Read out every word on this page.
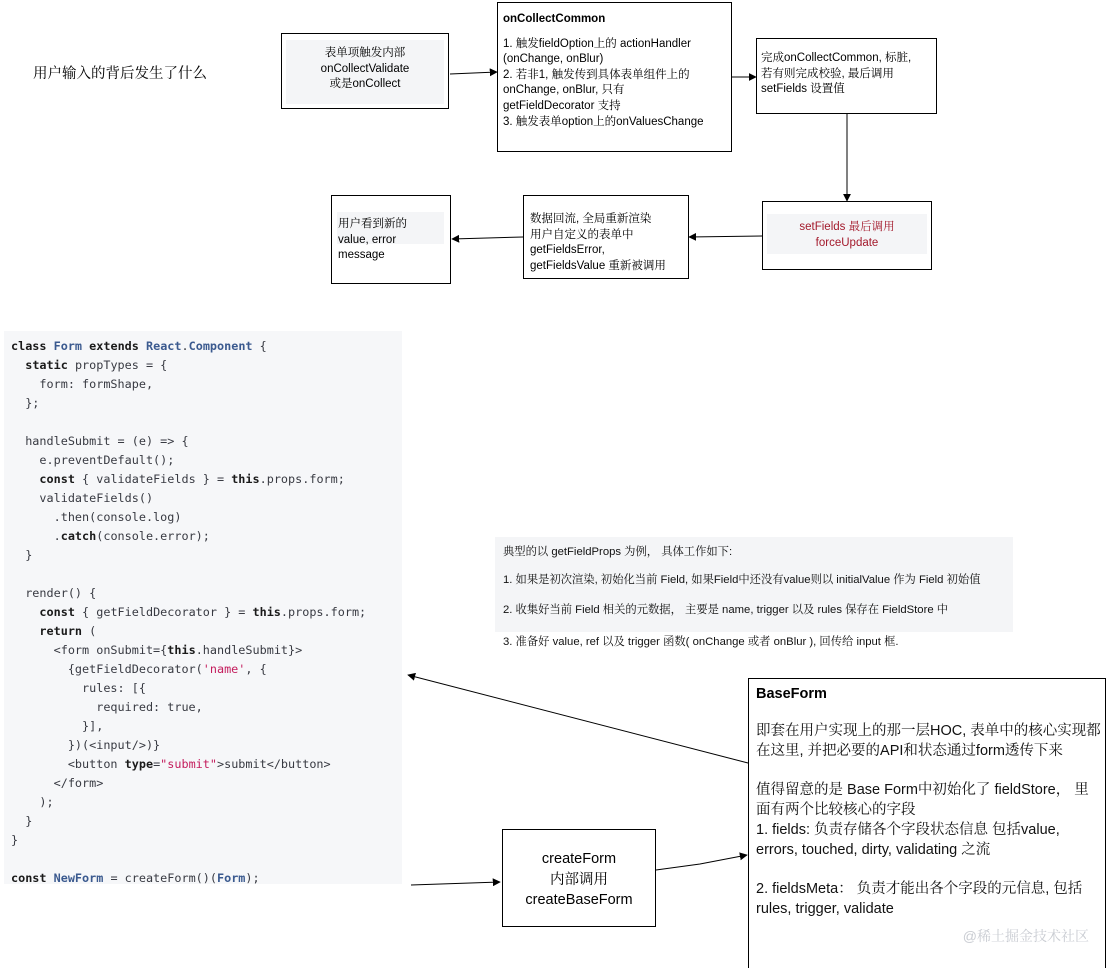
用户输入的背后发生了什么
表单项触发内部
onCollectValidate
或是onCollect
onCollectCommon
1. 触发fieldOption上的 actionHandler
(onChange, onBlur)
2. 若非1, 触发传到具体表单组件上的
onChange, onBlur, 只有
getFieldDecorator 支持
3. 触发表单option上的onValuesChange
完成onCollectCommon, 标脏,
若有则完成校验, 最后调用
setFields 设置值
setFields 最后调用
forceUpdate
数据回流, 全局重新渲染
用户自定义的表单中
getFieldsError,
getFieldsValue 重新被调用
用户看到新的
value, error
message
class Form extends React.Component {
static propTypes = {
form: formShape,
};

handleSubmit = (e) => {
e.preventDefault();
const { validateFields } = this.props.form;
validateFields()
.then(console.log)
.catch(console.error);
}

render() {
const { getFieldDecorator } = this.props.form;
return (
<form onSubmit={this.handleSubmit}>
{getFieldDecorator('name', {
rules: [{
required: true,
}],
})(<input/>)}
<button type="submit">submit</button>
</form>
);
}
}

const NewForm = createForm()(Form);
典型的以 getFieldProps 为例， 具体工作如下:
1. 如果是初次渲染, 初始化当前 Field, 如果Field中还没有value则以 initialValue 作为 Field 初始值
2. 收集好当前 Field 相关的元数据， 主要是 name, trigger 以及 rules 保存在 FieldStore 中
3. 准备好 value, ref 以及 trigger 函数( onChange 或者 onBlur ), 回传给 input 框.
createForm
内部调用
createBaseForm
BaseForm
即套在用户实现上的那一层HOC, 表单中的核心实现都在这里, 并把必要的API和状态通过form透传下来

值得留意的是 Base Form中初始化了 fieldStore， 里面有两个比较核心的字段
1. fields: 负责存储各个字段状态信息 包括value, errors, touched, dirty, validating 之流

2. fieldsMeta： 负责才能出各个字段的元信息, 包括 rules, trigger, validate
@稀土掘金技术社区
